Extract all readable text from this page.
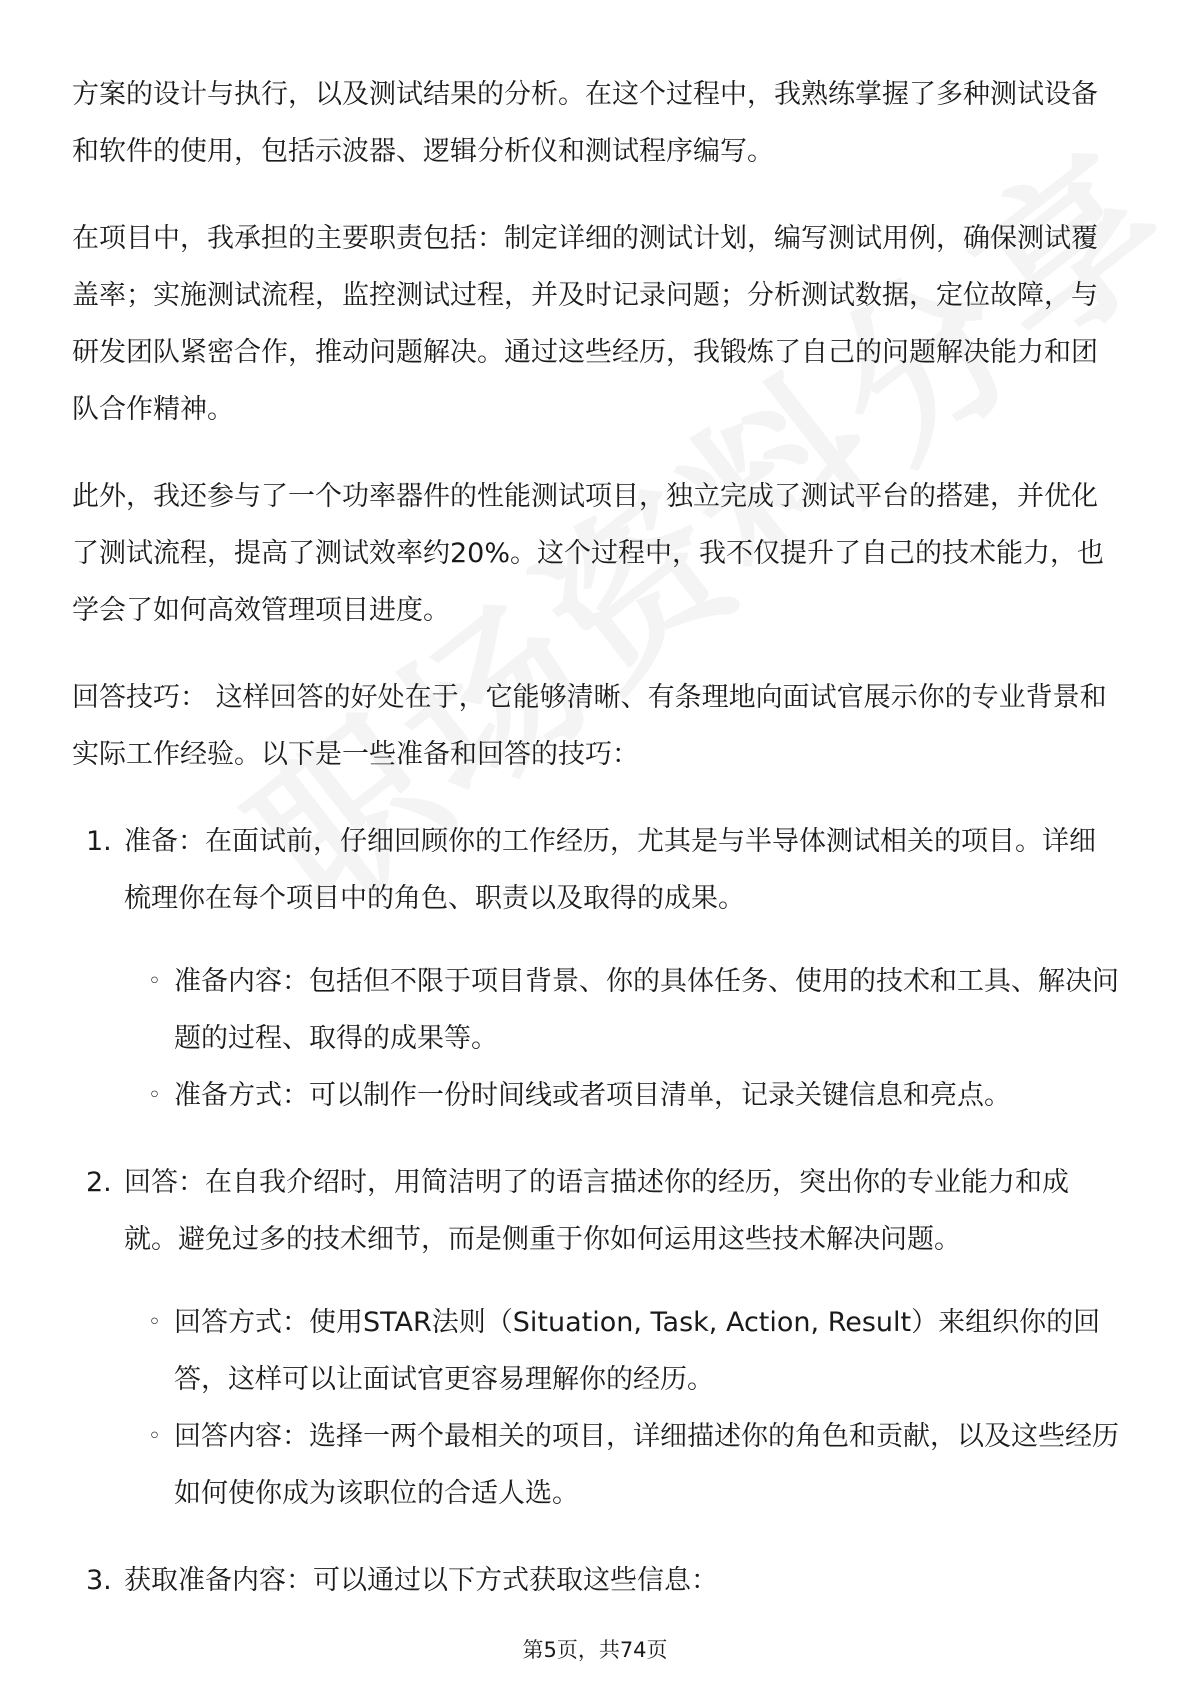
方案的设计与执行，以及测试结果的分析。在这个过程中，我熟练掌握了多种测试设备和软件的使用，包括示波器、逻辑分析仪和测试程序编写。

在项目中，我承担的主要职责包括：制定详细的测试计划，编写测试用例，确保测试覆盖率；实施测试流程，监控测试过程，并及时记录问题；分析测试数据，定位故障，与研发团队紧密合作，推动问题解决。通过这些经历，我锻炼了自己的问题解决能力和团队合作精神。

此外，我还参与了一个功率器件的性能测试项目，独立完成了测试平台的搭建，并优化了测试流程，提高了测试效率约20%。这个过程中，我不仅提升了自己的技术能力，也学会了如何高效管理项目进度。

回答技巧： 这样回答的好处在于，它能够清晰、有条理地向面试官展示你的专业背景和实际工作经验。以下是一些准备和回答的技巧：

1. 准备：在面试前，仔细回顾你的工作经历，尤其是与半导体测试相关的项目。详细梳理你在每个项目中的角色、职责以及取得的成果。
◦ 准备内容：包括但不限于项目背景、你的具体任务、使用的技术和工具、解决问题的过程、取得的成果等。
◦ 准备方式：可以制作一份时间线或者项目清单，记录关键信息和亮点。
2. 回答：在自我介绍时，用简洁明了的语言描述你的经历，突出你的专业能力和成就。避免过多的技术细节，而是侧重于你如何运用这些技术解决问题。
◦ 回答方式：使用STAR法则（Situation, Task, Action, Result）来组织你的回答，这样可以让面试官更容易理解你的经历。
◦ 回答内容：选择一两个最相关的项目，详细描述你的角色和贡献，以及这些经历如何使你成为该职位的合适人选。
3. 获取准备内容：可以通过以下方式获取这些信息：
第5页，共74页
